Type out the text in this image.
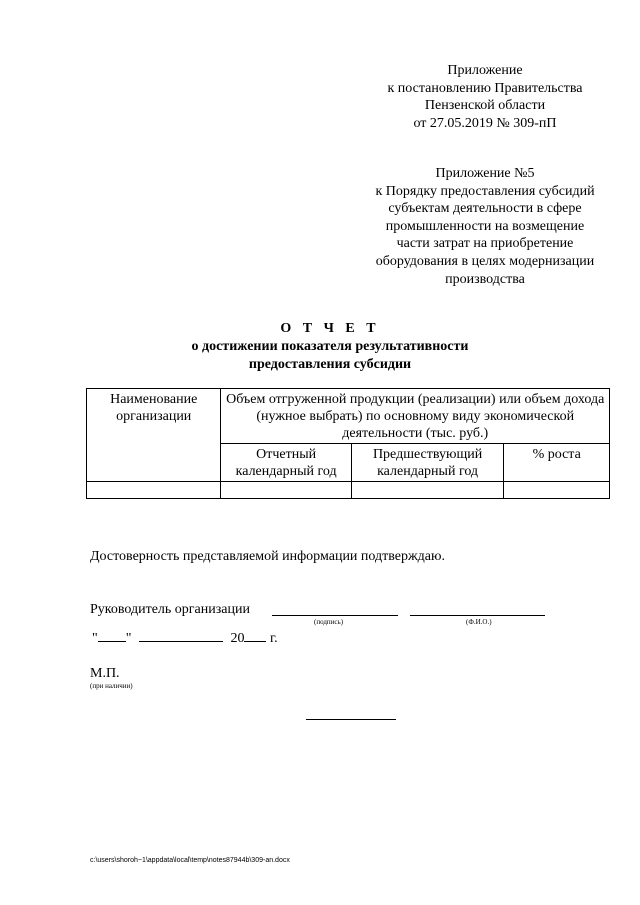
Приложение
к постановлению Правительства
Пензенской области
от 27.05.2019 № 309-пП
Приложение №5
к Порядку предоставления субсидий
субъектам деятельности в сфере
промышленности на возмещение
части затрат на приобретение
оборудования в целях модернизации
производства
О Т Ч Е Т
о достижении показателя результативности
предоставления субсидии
Наименование организации	Объем отгруженной продукции (реализации) или объем дохода (нужное выбрать) по основному виду экономической деятельности (тыс. руб.)		
	Отчетный календарный год	Предшествующий календарный год	% роста

Достоверность представляемой информации подтверждаю.
Руководитель организации
(подпись)	(Ф.И.О.)
" "	20 г.
М.П.
(при наличии)
c:\users\shoroh~1\appdata\local\temp\notes87944b\309-an.docx
